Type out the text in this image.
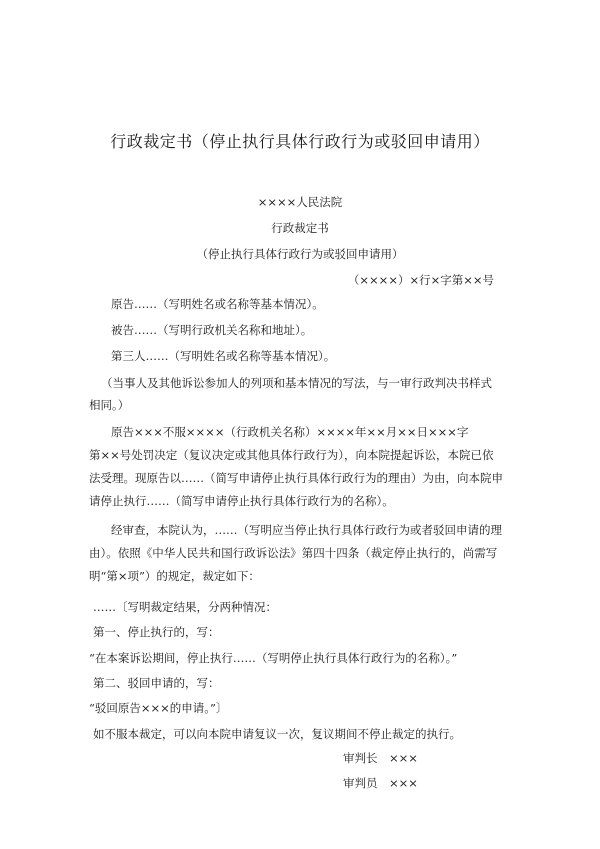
行政裁定书（停止执行具体行政行为或驳回申请用）
××××人民法院
行政裁定书
（停止执行具体行政行为或驳回申请用）
（××××）×行×字第××号
原告……（写明姓名或名称等基本情况）。
被告……（写明行政机关名称和地址）。
第三人……（写明姓名或名称等基本情况）。
（当事人及其他诉讼参加人的列项和基本情况的写法，与一审行政判决书样式
相同。）
原告×××不服××××（行政机关名称）××××年××月××日×××字
第××号处罚决定（复议决定或其他具体行政行为），向本院提起诉讼，本院已依
法受理。现原告以……（简写申请停止执行具体行政行为的理由）为由，向本院申
请停止执行……（简写申请停止执行具体行政行为的名称）。
经审查，本院认为，……（写明应当停止执行具体行政行为或者驳回申请的理
由）。依照《中华人民共和国行政诉讼法》第四十四条（裁定停止执行的，尚需写
明“第×项”）的规定，裁定如下：
……〔写明裁定结果，分两种情况：
第一、停止执行的，写：
“在本案诉讼期间，停止执行……（写明停止执行具体行政行为的名称）。”
第二、驳回申请的，写：
“驳回原告×××的申请。”〕
如不服本裁定，可以向本院申请复议一次，复议期间不停止裁定的执行。
审判长　×××
审判员　×××
